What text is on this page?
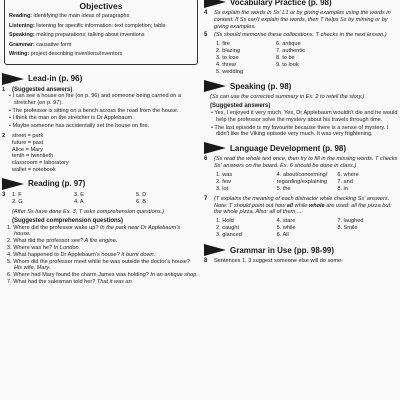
Objectives
Reading: identifying the main ideas of paragraphs
Listening: listening for specific information: text completion; table
Speaking: making preparations; talking about inventions
Grammar: causative form
Writing: project describing inventions/inventors
Lead-in (p. 96)
1	(Suggested answers)
• I can see a house on fire (on p. 96) and someone being carried on a stretcher (on p. 97).
• The professor is sitting on a bench across the road from the house.
• I think the man on the stretcher is Dr Applebaum.
• Maybe someone has accidentally set the house on fire.
2	street = park
future = past
Alice = Mary
tenth = twentieth
classroom = laboratory
wallet = notebook
Reading (p. 97)
3	1. F	3. E	5. D
2. G	4. A	6. B
(After Ss have done Ex. 3, T asks comprehension questions.)
(Suggested comprehension questions)
1. Where did the professor wake up? In the park near Dr Applebaum's house.
2. What did the professor see? A fire engine.
3. Where was he? In London.
4. What happened to Dr Applebaum's house? It burnt down.
5. Whom did the professor meet while he was outside the doctor's house? His wife, Mary.
6. Where had Mary found the charm James was holding? In an antique shop.
7. What had the salesman told her? That it was an
Vocabulary Practice (p. 98)
4	Ss explain the words in Ss' L1 or by giving examples using the words in context. If Ss can't explain the words, then T helps Ss by miming or by giving examples.
5	(Ss should memorise these collocations. T checks in the next lesson.)
1. fire	6. antique
2. blazing	7. authentic
3. to lose	8. to be
4. threw	9. to look
5. wedding
Speaking (p. 98)
(Ss can use the corrected summary in Ex. 2 to retell the story.)
(Suggested answers)
• Yes, I enjoyed it very much. Yes, Dr Applebaum wouldn't die and he would help the professor solve the mystery about his travels through time.
• The last episode is my favourite because there is a sense of mystery. I didn't like the Viking episode very much. It was very frightening.
Language Development (p. 98)
6	(Ss read the whole text once, then try to fill in the missing words. T checks Ss' answers on the board. Ex. 6 should be done in class.)
1. was	4. about/concerning/	6. where
2. few	regarding/explaining	7. and
3. lot	5. the	8. in
7	(T explains the meaning of each distractor while checking Ss' answers. Note: T should point out how all while whole are used: all the pizza but: the whole pizza. Also: all of them ...
1. Hold	4. stare	7. laughed
2. caught	5. while	8. Smile
3. glanced	6. All
Grammar in Use (pp. 98-99)
8	Sentences 1, 3 suggest someone else will do some-
